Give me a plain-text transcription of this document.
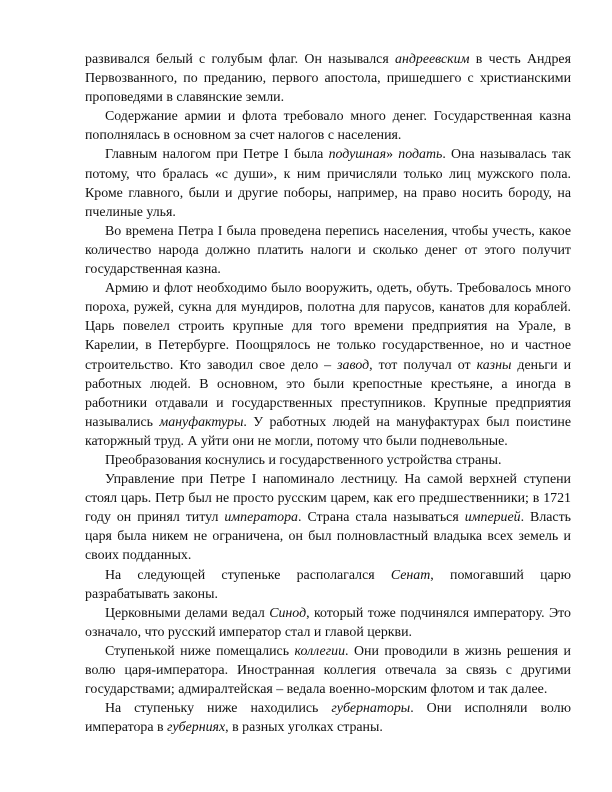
развивался белый с голубым флаг. Он назывался андреевским в честь Андрея Первозванного, по преданию, первого апостола, пришедшего с христианскими проповедями в славянские земли.

Содержание армии и флота требовало много денег. Государственная казна пополнялась в основном за счет налогов с населения.

Главным налогом при Петре I была подушная» подать. Она называлась так потому, что бралась «с души», к ним причисляли только лиц мужского пола. Кроме главного, были и другие поборы, например, на право носить бороду, на пчелиные улья.

Во времена Петра I была проведена перепись населения, чтобы учесть, какое количество народа должно платить налоги и сколько денег от этого получит государственная казна.

Армию и флот необходимо было вооружить, одеть, обуть. Требовалось много пороха, ружей, сукна для мундиров, полотна для парусов, канатов для кораблей. Царь повелел строить крупные для того времени предприятия на Урале, в Карелии, в Петербурге. Поощрялось не только государственное, но и частное строительство. Кто заводил свое дело – завод, тот получал от казны деньги и работных людей. В основном, это были крепостные крестьяне, а иногда в работники отдавали и государственных преступников. Крупные предприятия назывались мануфактуры. У работных людей на мануфактурах был поистине каторжный труд. А уйти они не могли, потому что были подневольные.

Преобразования коснулись и государственного устройства страны.

Управление при Петре I напоминало лестницу. На самой верхней ступени стоял царь. Петр был не просто русским царем, как его предшественники; в 1721 году он принял титул императора. Страна стала называться империей. Власть царя была никем не ограничена, он был полновластный владыка всех земель и своих подданных.

На следующей ступеньке располагался Сенат, помогавший царю разрабатывать законы.

Церковными делами ведал Синод, который тоже подчинялся императору. Это означало, что русский император стал и главой церкви.

Ступенькой ниже помещались коллегии. Они проводили в жизнь решения и волю царя-императора. Иностранная коллегия отвечала за связь с другими государствами; адмиралтейская – ведала военно-морским флотом и так далее.

На ступеньку ниже находились губернаторы. Они исполняли волю императора в губерниях, в разных уголках страны.
